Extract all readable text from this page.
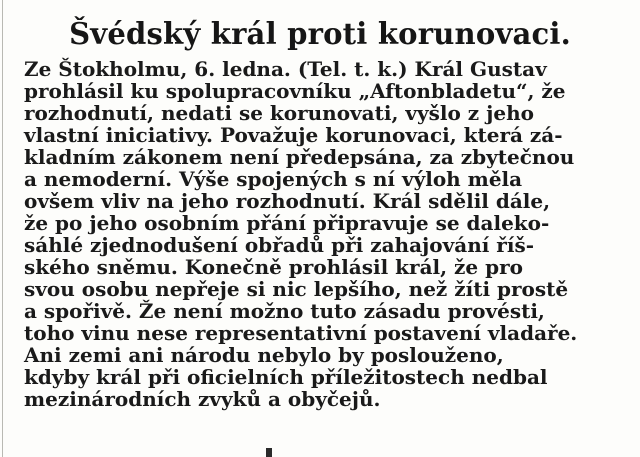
Švédský král proti korunovaci.
Ze Štokholmu, 6. ledna. (Tel. t. k.) Král Gustav
prohlásil ku spolupracovníku „Aftonbladetu“, že
rozhodnutí, nedati se korunovati, vyšlo z jeho
vlastní iniciativy. Považuje korunovaci, která zá-
kladním zákonem není předepsána, za zbytečnou
a nemoderní. Výše spojených s ní výloh měla
ovšem vliv na jeho rozhodnutí. Král sdělil dále,
že po jeho osobním přání připravuje se daleko-
sáhlé zjednodušení obřadů při zahajování říš-
ského sněmu. Konečně prohlásil král, že pro
svou osobu nepřeje si nic lepšího, než žíti prostě
a spořivě. Že není možno tuto zásadu provésti,
toho vinu nese representativní postavení vladaře.
Ani zemi ani národu nebylo by poslouženo,
kdyby král při oficielních příležitostech nedbal
mezinárodních zvyků a obyčejů.
